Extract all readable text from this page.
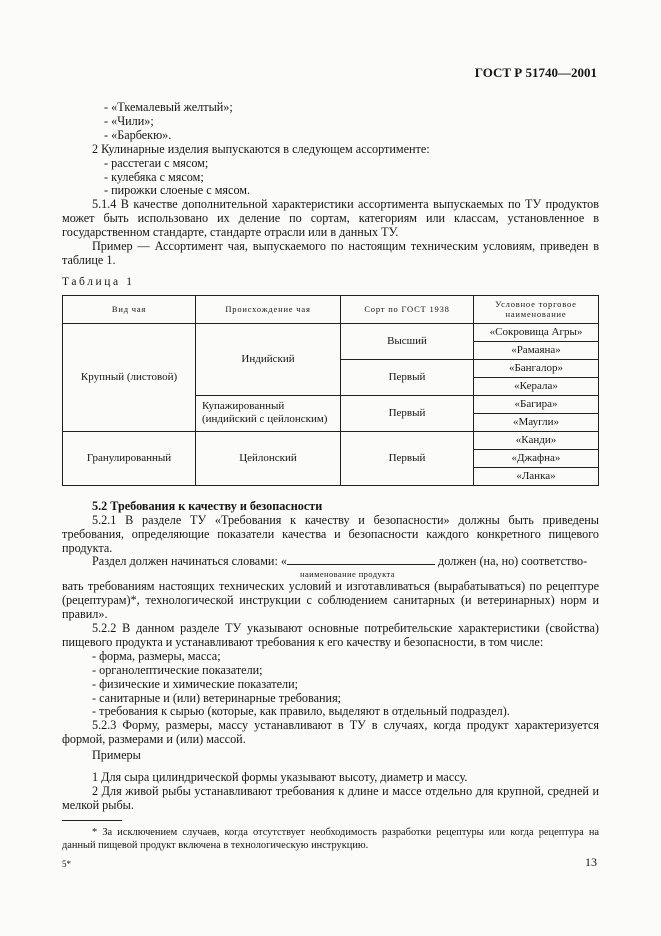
ГОСТ Р 51740—2001

- «Ткемалевый желтый»;

- «Чили»;

- «Барбекю».

2 Кулинарные изделия выпускаются в следующем ассортименте:

- расстегаи с мясом;

- кулебяка с мясом;

- пирожки слоеные с мясом.

5.1.4 В качестве дополнительной характеристики ассортимента выпускаемых по ТУ продуктов может быть использовано их деление по сортам, категориям или классам, установленное в государственном стандарте, стандарте отрасли или в данных ТУ.

Пример — Ассортимент чая, выпускаемого по настоящим техническим условиям, приведен в таблице 1.

Таблица 1

Вид чая	Происхождение чая	Сорт по ГОСТ 1938	Условное торговое наименование
Крупный (листовой)	Индийский	Высший	«Сокровища Агры»
			«Рамаяна»
		Первый	«Бангалор»
			«Керала»
	Купажированный (индийский с цейлонским)	Первый	«Багира»
			«Маугли»
Гранулированный	Цейлонский	Первый	«Канди»
			«Джафна»
			«Ланка»

5.2 Требования к качеству и безопасности

5.2.1 В разделе ТУ «Требования к качеству и безопасности» должны быть приведены требования, определяющие показатели качества и безопасности каждого конкретного пищевого продукта.

Раздел должен начинаться словами: «	должен (на, но) соответство-

наименование продукта

вать требованиям настоящих технических условий и изготавливаться (вырабатываться) по рецептуре (рецептурам)*, технологической инструкции с соблюдением санитарных (и ветеринарных) норм и правил».

5.2.2 В данном разделе ТУ указывают основные потребительские характеристики (свойства) пищевого продукта и устанавливают требования к его качеству и безопасности, в том числе:

- форма, размеры, масса;

- органолептические показатели;

- физические и химические показатели;

- санитарные и (или) ветеринарные требования;

- требования к сырью (которые, как правило, выделяют в отдельный подраздел).

5.2.3 Форму, размеры, массу устанавливают в ТУ в случаях, когда продукт характеризуется формой, размерами и (или) массой.

Примеры

1 Для сыра цилиндрической формы указывают высоту, диаметр и массу.

2 Для живой рыбы устанавливают требования к длине и массе отдельно для крупной, средней и мелкой рыбы.

* За исключением случаев, когда отсутствует необходимость разработки рецептуры или когда рецептура на данный пищевой продукт включена в технологическую инструкцию.

5*	13
